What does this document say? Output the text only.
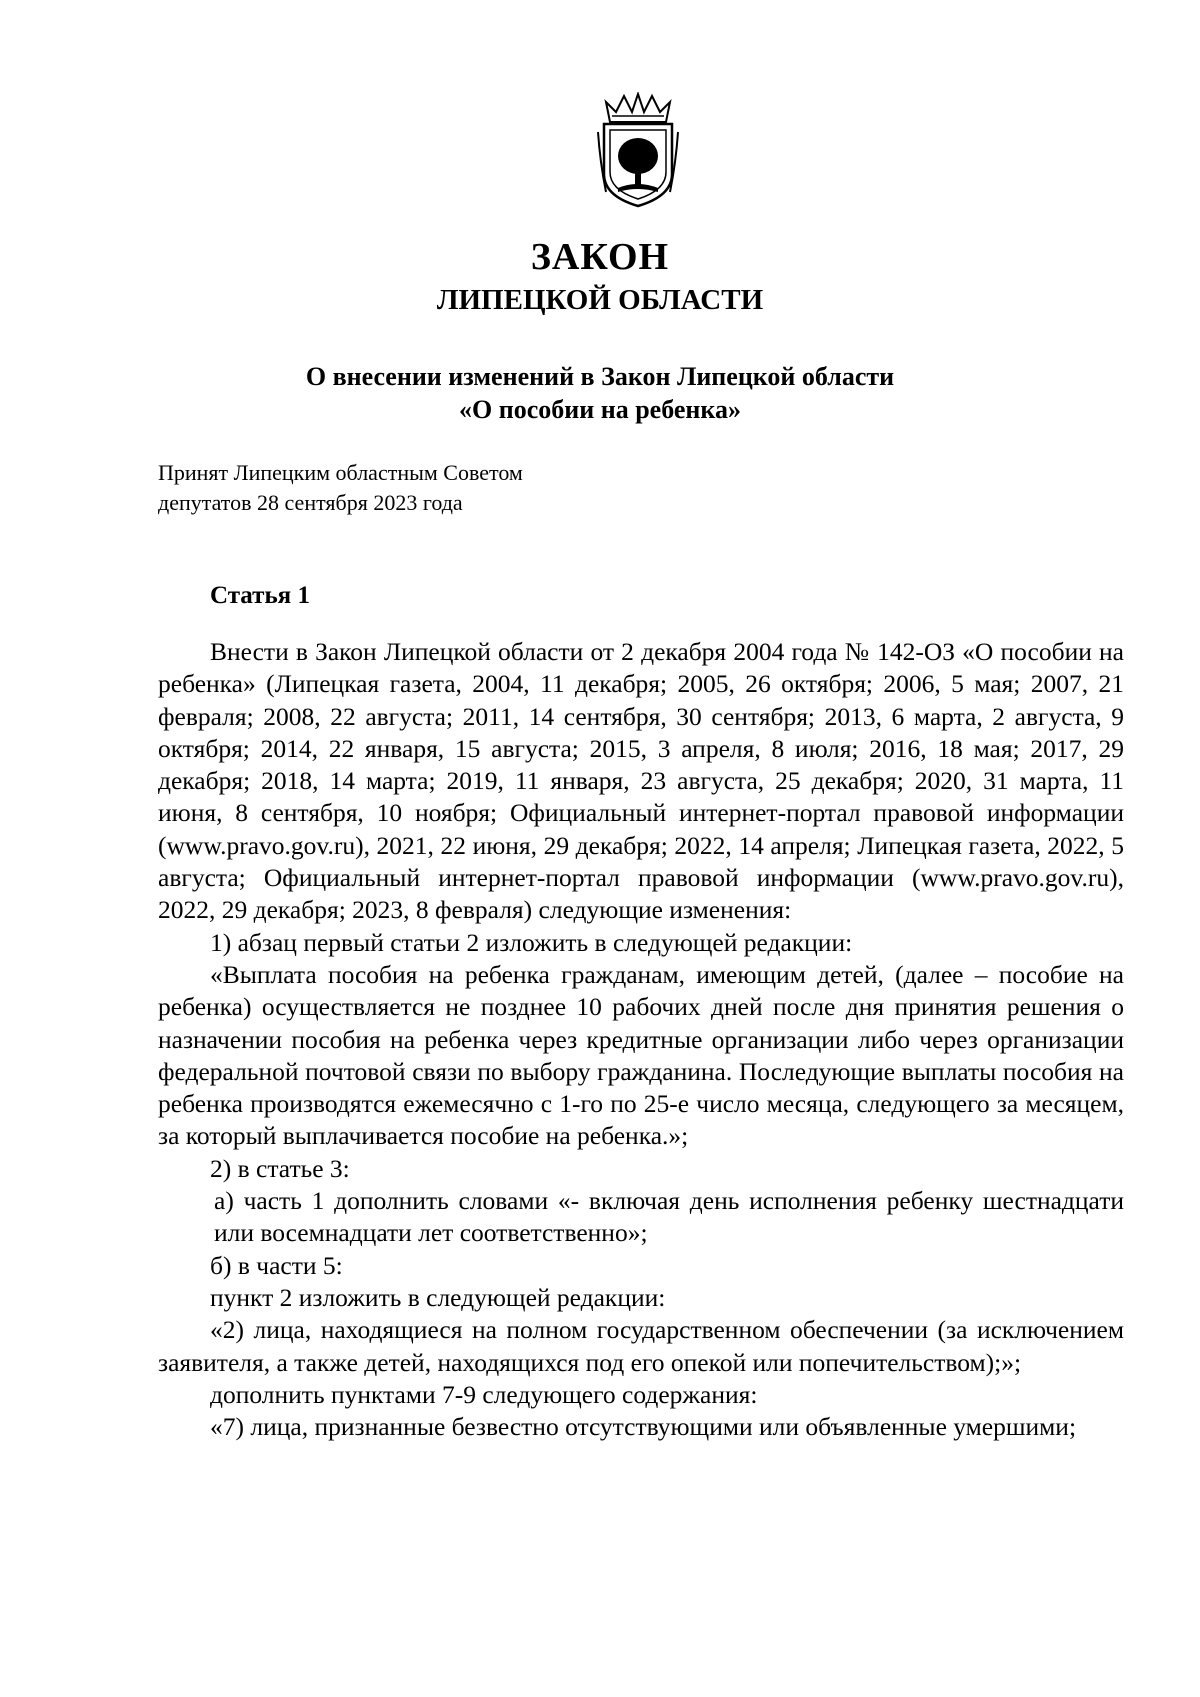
ЗАКОН
ЛИПЕЦКОЙ ОБЛАСТИ
О внесении изменений в Закон Липецкой области
«О пособии на ребенка»
Принят Липецким областным Советом
депутатов 28 сентября 2023 года
Статья 1

Внести в Закон Липецкой области от 2 декабря 2004 года № 142-ОЗ «О пособии на ребенка» (Липецкая газета, 2004, 11 декабря; 2005, 26 октября; 2006, 5 мая; 2007, 21 февраля; 2008, 22 августа; 2011, 14 сентября, 30 сентября; 2013, 6 марта, 2 августа, 9 октября; 2014, 22 января, 15 августа; 2015, 3 апреля, 8 июля; 2016, 18 мая; 2017, 29 декабря; 2018, 14 марта; 2019, 11 января, 23 августа, 25 декабря; 2020, 31 марта, 11 июня, 8 сентября, 10 ноября; Официальный интернет-портал правовой информации (www.pravo.gov.ru), 2021, 22 июня, 29 декабря; 2022, 14 апреля; Липецкая газета, 2022, 5 августа; Официальный интернет-портал правовой информации (www.pravo.gov.ru), 2022, 29 декабря; 2023, 8 февраля) следующие изменения:

1) абзац первый статьи 2 изложить в следующей редакции:

«Выплата пособия на ребенка гражданам, имеющим детей, (далее – пособие на ребенка) осуществляется не позднее 10 рабочих дней после дня принятия решения о назначении пособия на ребенка через кредитные организации либо через организации федеральной почтовой связи по выбору гражданина. Последующие выплаты пособия на ребенка производятся ежемесячно с 1-го по 25-е число месяца, следующего за месяцем, за который выплачивается пособие на ребенка.»;

2) в статье 3:

а) часть 1 дополнить словами «- включая день исполнения ребенку шестнадцати или восемнадцати лет соответственно»;

б) в части 5:

пункт 2 изложить в следующей редакции:

«2) лица, находящиеся на полном государственном обеспечении (за исключением заявителя, а также детей, находящихся под его опекой или попечительством);»;

дополнить пунктами 7-9 следующего содержания:

«7) лица, признанные безвестно отсутствующими или объявленные умершими;
